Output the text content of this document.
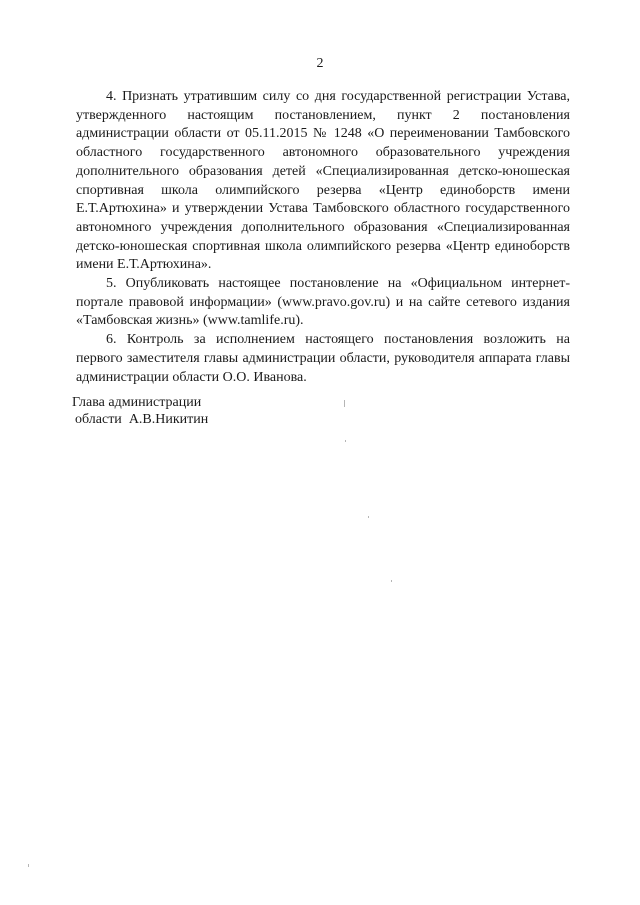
2

4. Признать утратившим силу со дня государственной регистрации Устава, утвержденного настоящим постановлением, пункт 2 постановления администрации области от 05.11.2015 № 1248 «О переименовании Тамбовского областного государственного автономного образовательного учреждения дополнительного образования детей «Специализированная детско-юношеская спортивная школа олимпийского резерва «Центр единоборств имени Е.Т.Артюхина» и утверждении Устава Тамбовского областного государственного автономного учреждения дополнительного образования «Специализированная детско-юношеская спортивная школа олимпийского резерва «Центр единоборств имени Е.Т.Артюхина».

5. Опубликовать настоящее постановление на «Официальном интернет-портале правовой информации» (www.pravo.gov.ru) и на сайте сетевого издания «Тамбовская жизнь» (www.tamlife.ru).

6. Контроль за исполнением настоящего постановления возложить на первого заместителя главы администрации области, руководителя аппарата главы администрации области О.О. Иванова.

Глава администрации
области А.В.Никитин
